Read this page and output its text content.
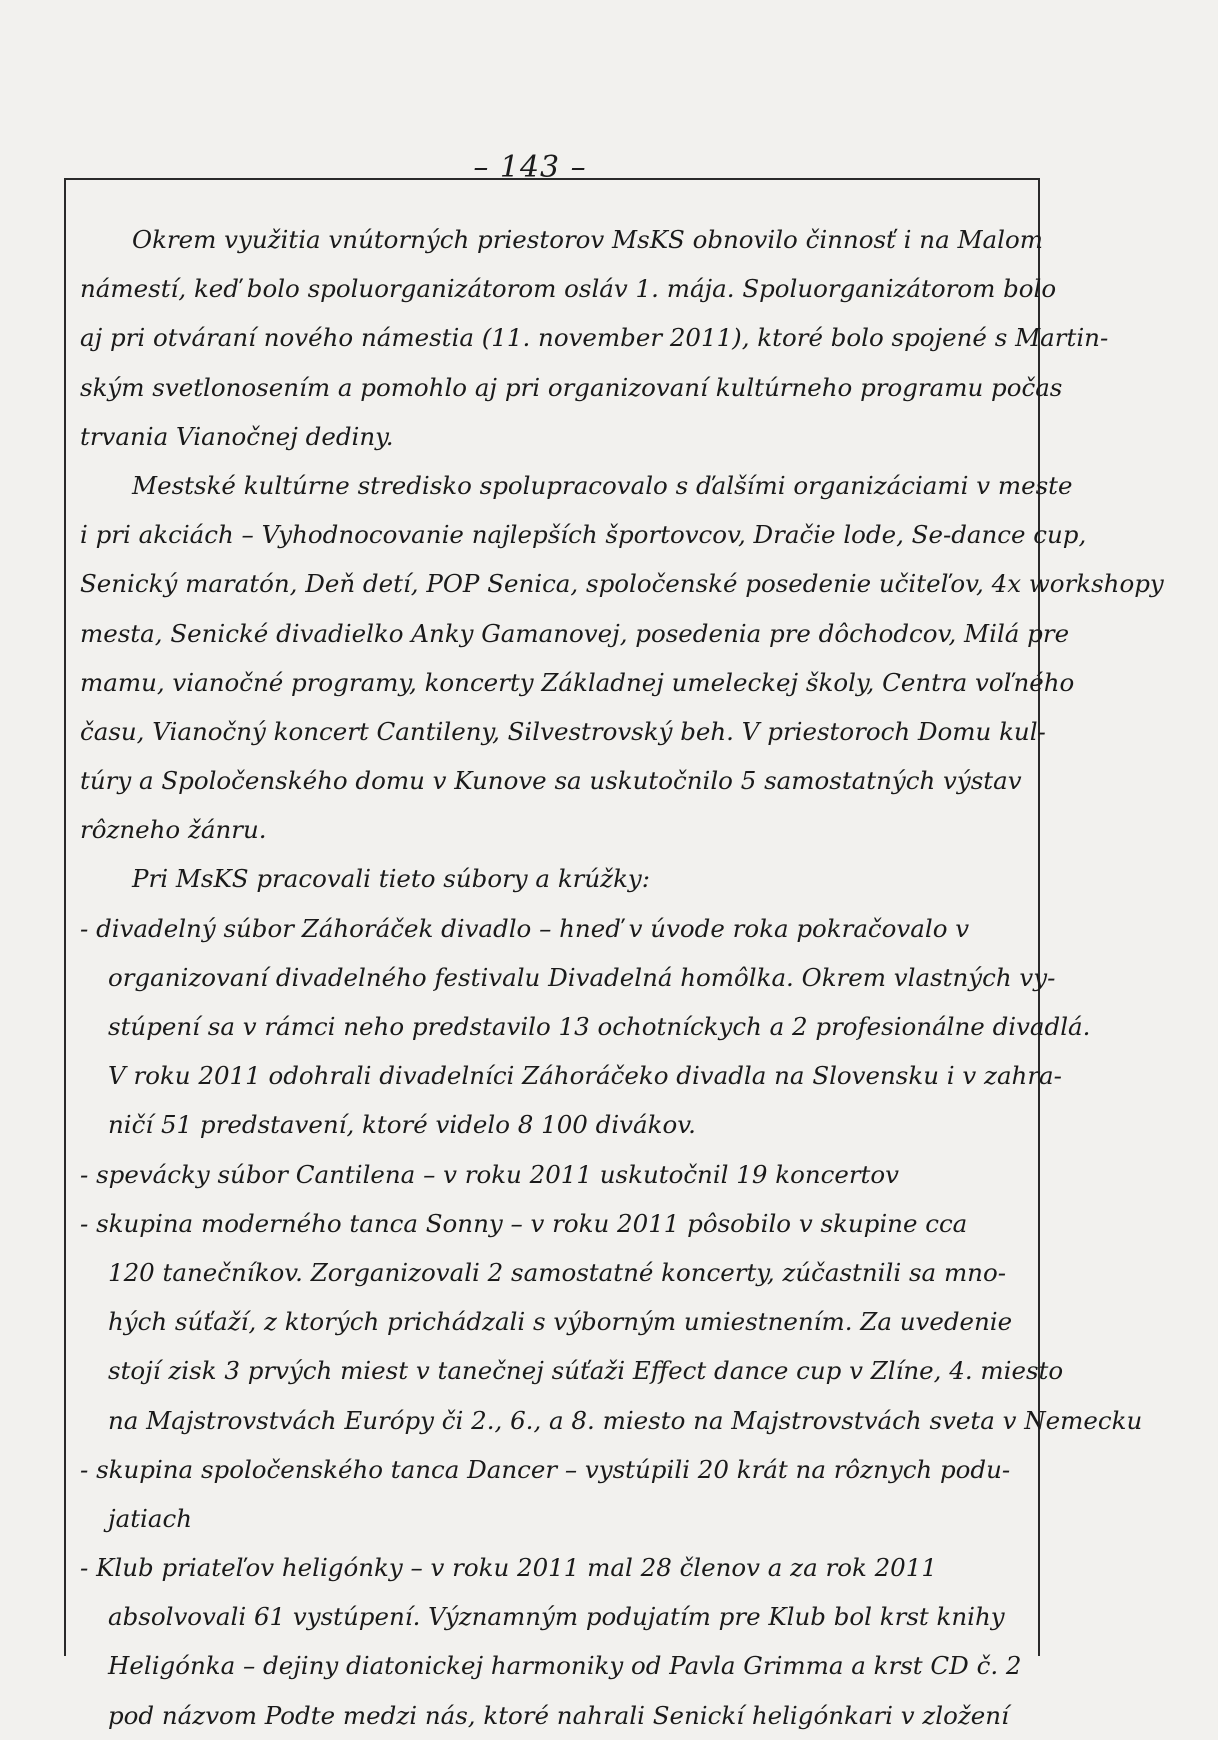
– 143 –
Okrem využitia vnútorných priestorov MsKS obnovilo činnosť i na Malom
námestí, keď bolo spoluorganizátorom osláv 1. mája. Spoluorganizátorom bolo
aj pri otváraní nového námestia (11. november 2011), ktoré bolo spojené s Martin-
ským svetlonosením a pomohlo aj pri organizovaní kultúrneho programu počas
trvania Vianočnej dediny.
Mestské kultúrne stredisko spolupracovalo s ďalšími organizáciami v meste
i pri akciách – Vyhodnocovanie najlepších športovcov, Dračie lode, Se-dance cup,
Senický maratón, Deň detí, POP Senica, spoločenské posedenie učiteľov, 4x workshopy
mesta, Senické divadielko Anky Gamanovej, posedenia pre dôchodcov, Milá pre
mamu, vianočné programy, koncerty Základnej umeleckej školy, Centra voľného
času, Vianočný koncert Cantileny, Silvestrovský beh. V priestoroch Domu kul-
túry a Spoločenského domu v Kunove sa uskutočnilo 5 samostatných výstav
rôzneho žánru.
Pri MsKS pracovali tieto súbory a krúžky:
- divadelný súbor Záhoráček divadlo – hneď v úvode roka pokračovalo v
organizovaní divadelného festivalu Divadelná homôlka. Okrem vlastných vy-
stúpení sa v rámci neho predstavilo 13 ochotníckych a 2 profesionálne divadlá.
V roku 2011 odohrali divadelníci Záhoráčeko divadla na Slovensku i v zahra-
ničí 51 predstavení, ktoré videlo 8 100 divákov.
- spevácky súbor Cantilena – v roku 2011 uskutočnil 19 koncertov
- skupina moderného tanca Sonny – v roku 2011 pôsobilo v skupine cca
120 tanečníkov. Zorganizovali 2 samostatné koncerty, zúčastnili sa mno-
hých súťaží, z ktorých prichádzali s výborným umiestnením. Za uvedenie
stojí zisk 3 prvých miest v tanečnej súťaži Effect dance cup v Zlíne, 4. miesto
na Majstrovstvách Európy či 2., 6., a 8. miesto na Majstrovstvách sveta v Nemecku
- skupina spoločenského tanca Dancer – vystúpili 20 krát na rôznych podu-
jatiach
- Klub priateľov heligónky – v roku 2011 mal 28 členov a za rok 2011
absolvovali 61 vystúpení. Významným podujatím pre Klub bol krst knihy
Heligónka – dejiny diatonickej harmoniky od Pavla Grimma a krst CD č. 2
pod názvom Podte medzi nás, ktoré nahrali Senickí heligónkari v zložení
